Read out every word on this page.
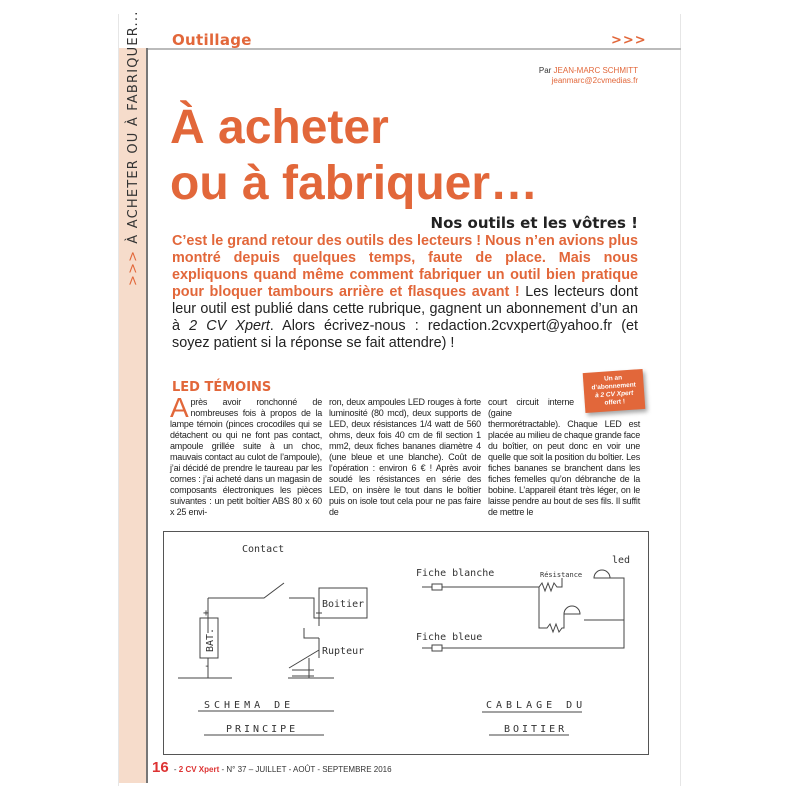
>>>À ACHETER OU À FABRIQUER... Outillage	>>>
Par JEAN-MARC SCHMITT
jeanmarc@2cvmedias.fr
À acheter
ou à fabriquer…
Nos outils et les vôtres !
C’est le grand retour des outils des lecteurs ! Nous n’en avions plus montré depuis quelques temps, faute de place. Mais nous expliquons quand même comment fabriquer un outil bien pratique pour bloquer tambours arrière et flasques avant ! Les lecteurs dont leur outil est publié dans cette rubrique, gagnent un abonnement d’un an à 2 CV Xpert. Alors écrivez-nous : redaction.2cvxpert@yahoo.fr (et soyez patient si la réponse se fait attendre) !
LED TÉMOINS
Après avoir ronchonné de nombreuses fois à propos de la lampe témoin (pinces crocodiles qui se détachent ou qui ne font pas contact, ampoule grillée suite à un choc, mauvais contact au culot de l’ampoule), j’ai décidé de prendre le taureau par les cornes : j’ai acheté dans un magasin de composants électroniques les pièces suivantes : un petit boîtier ABS 80 x 60 x 25 envi-
ron, deux ampoules LED rouges à forte luminosité (80 mcd), deux supports de LED, deux résistances 1/4 watt de 560 ohms, deux fois 40 cm de fil section 1 mm2, deux fiches bananes diamètre 4 (une bleue et une blanche). Coût de l’opération : environ 6 € ! Après avoir soudé les résistances en série des LED, on insère le tout dans le boîtier puis on isole tout cela pour ne pas faire de
court circuit interne (gaine thermorétractable). Chaque LED est placée au milieu de chaque grande face du boîtier, on peut donc en voir une quelle que soit la position du boîtier. Les fiches bananes se branchent dans les fiches femelles qu’on débranche de la bobine. L’appareil étant très léger, on le laisse pendre au bout de ses fils. Il suffit de mettre le
Un an
d’abonnement
à 2 CV Xpert
offert !
Contact
Boitier
BAT.
+
-
Rupteur
SCHEMA DE
PRINCIPE
Fiche blanche
Fiche bleue
Résistance
led
CABLAGE DU
BOITIER
16 - 2 CV Xpert - N° 37 – JUILLET - AOÛT - SEPTEMBRE 2016
